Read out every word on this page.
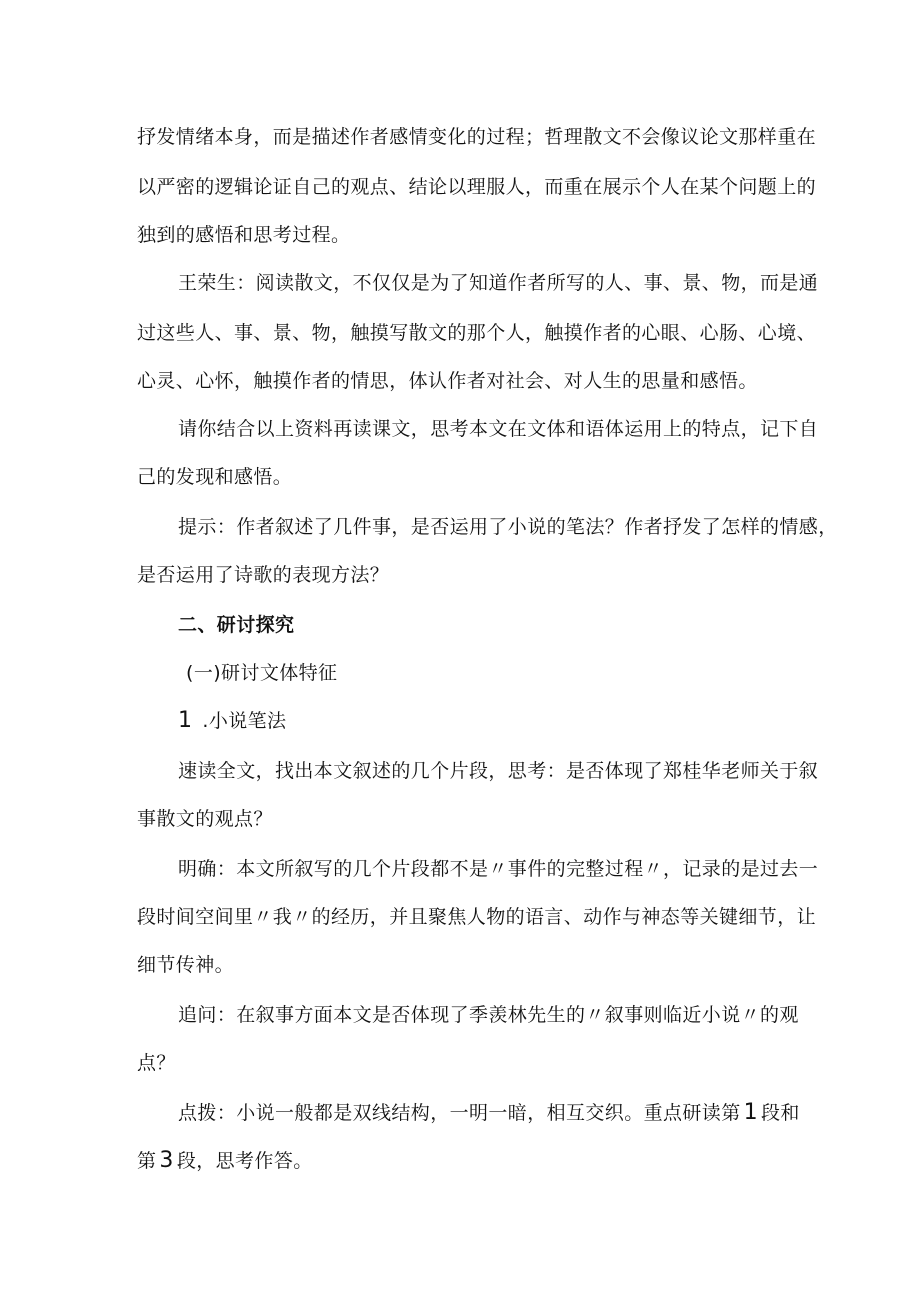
抒发情绪本身，而是描述作者感情变化的过程；哲理散文不会像议论文那样重在
以严密的逻辑论证自己的观点、结论以理服人，而重在展示个人在某个问题上的
独到的感悟和思考过程。
王荣生：阅读散文，不仅仅是为了知道作者所写的人、事、景、物，而是通
过这些人、事、景、物，触摸写散文的那个人，触摸作者的心眼、心肠、心境、
心灵、心怀，触摸作者的情思，体认作者对社会、对人生的思量和感悟。
请你结合以上资料再读课文，思考本文在文体和语体运用上的特点，记下自
己的发现和感悟。
提示：作者叙述了几件事，是否运用了小说的笔法？作者抒发了怎样的情感，
是否运用了诗歌的表现方法？
二、研讨探究
(一)研讨文体特征
1 .小说笔法
速读全文，找出本文叙述的几个片段，思考：是否体现了郑桂华老师关于叙
事散文的观点？
明确：本文所叙写的几个片段都不是〃事件的完整过程〃，记录的是过去一
段时间空间里〃我〃的经历，并且聚焦人物的语言、动作与神态等关键细节，让
细节传神。
追问：在叙事方面本文是否体现了季羡林先生的〃叙事则临近小说〃的观
点？
点拨：小说一般都是双线结构，一明一暗，相互交织。重点研读第 1 段和
第 3 段，思考作答。
